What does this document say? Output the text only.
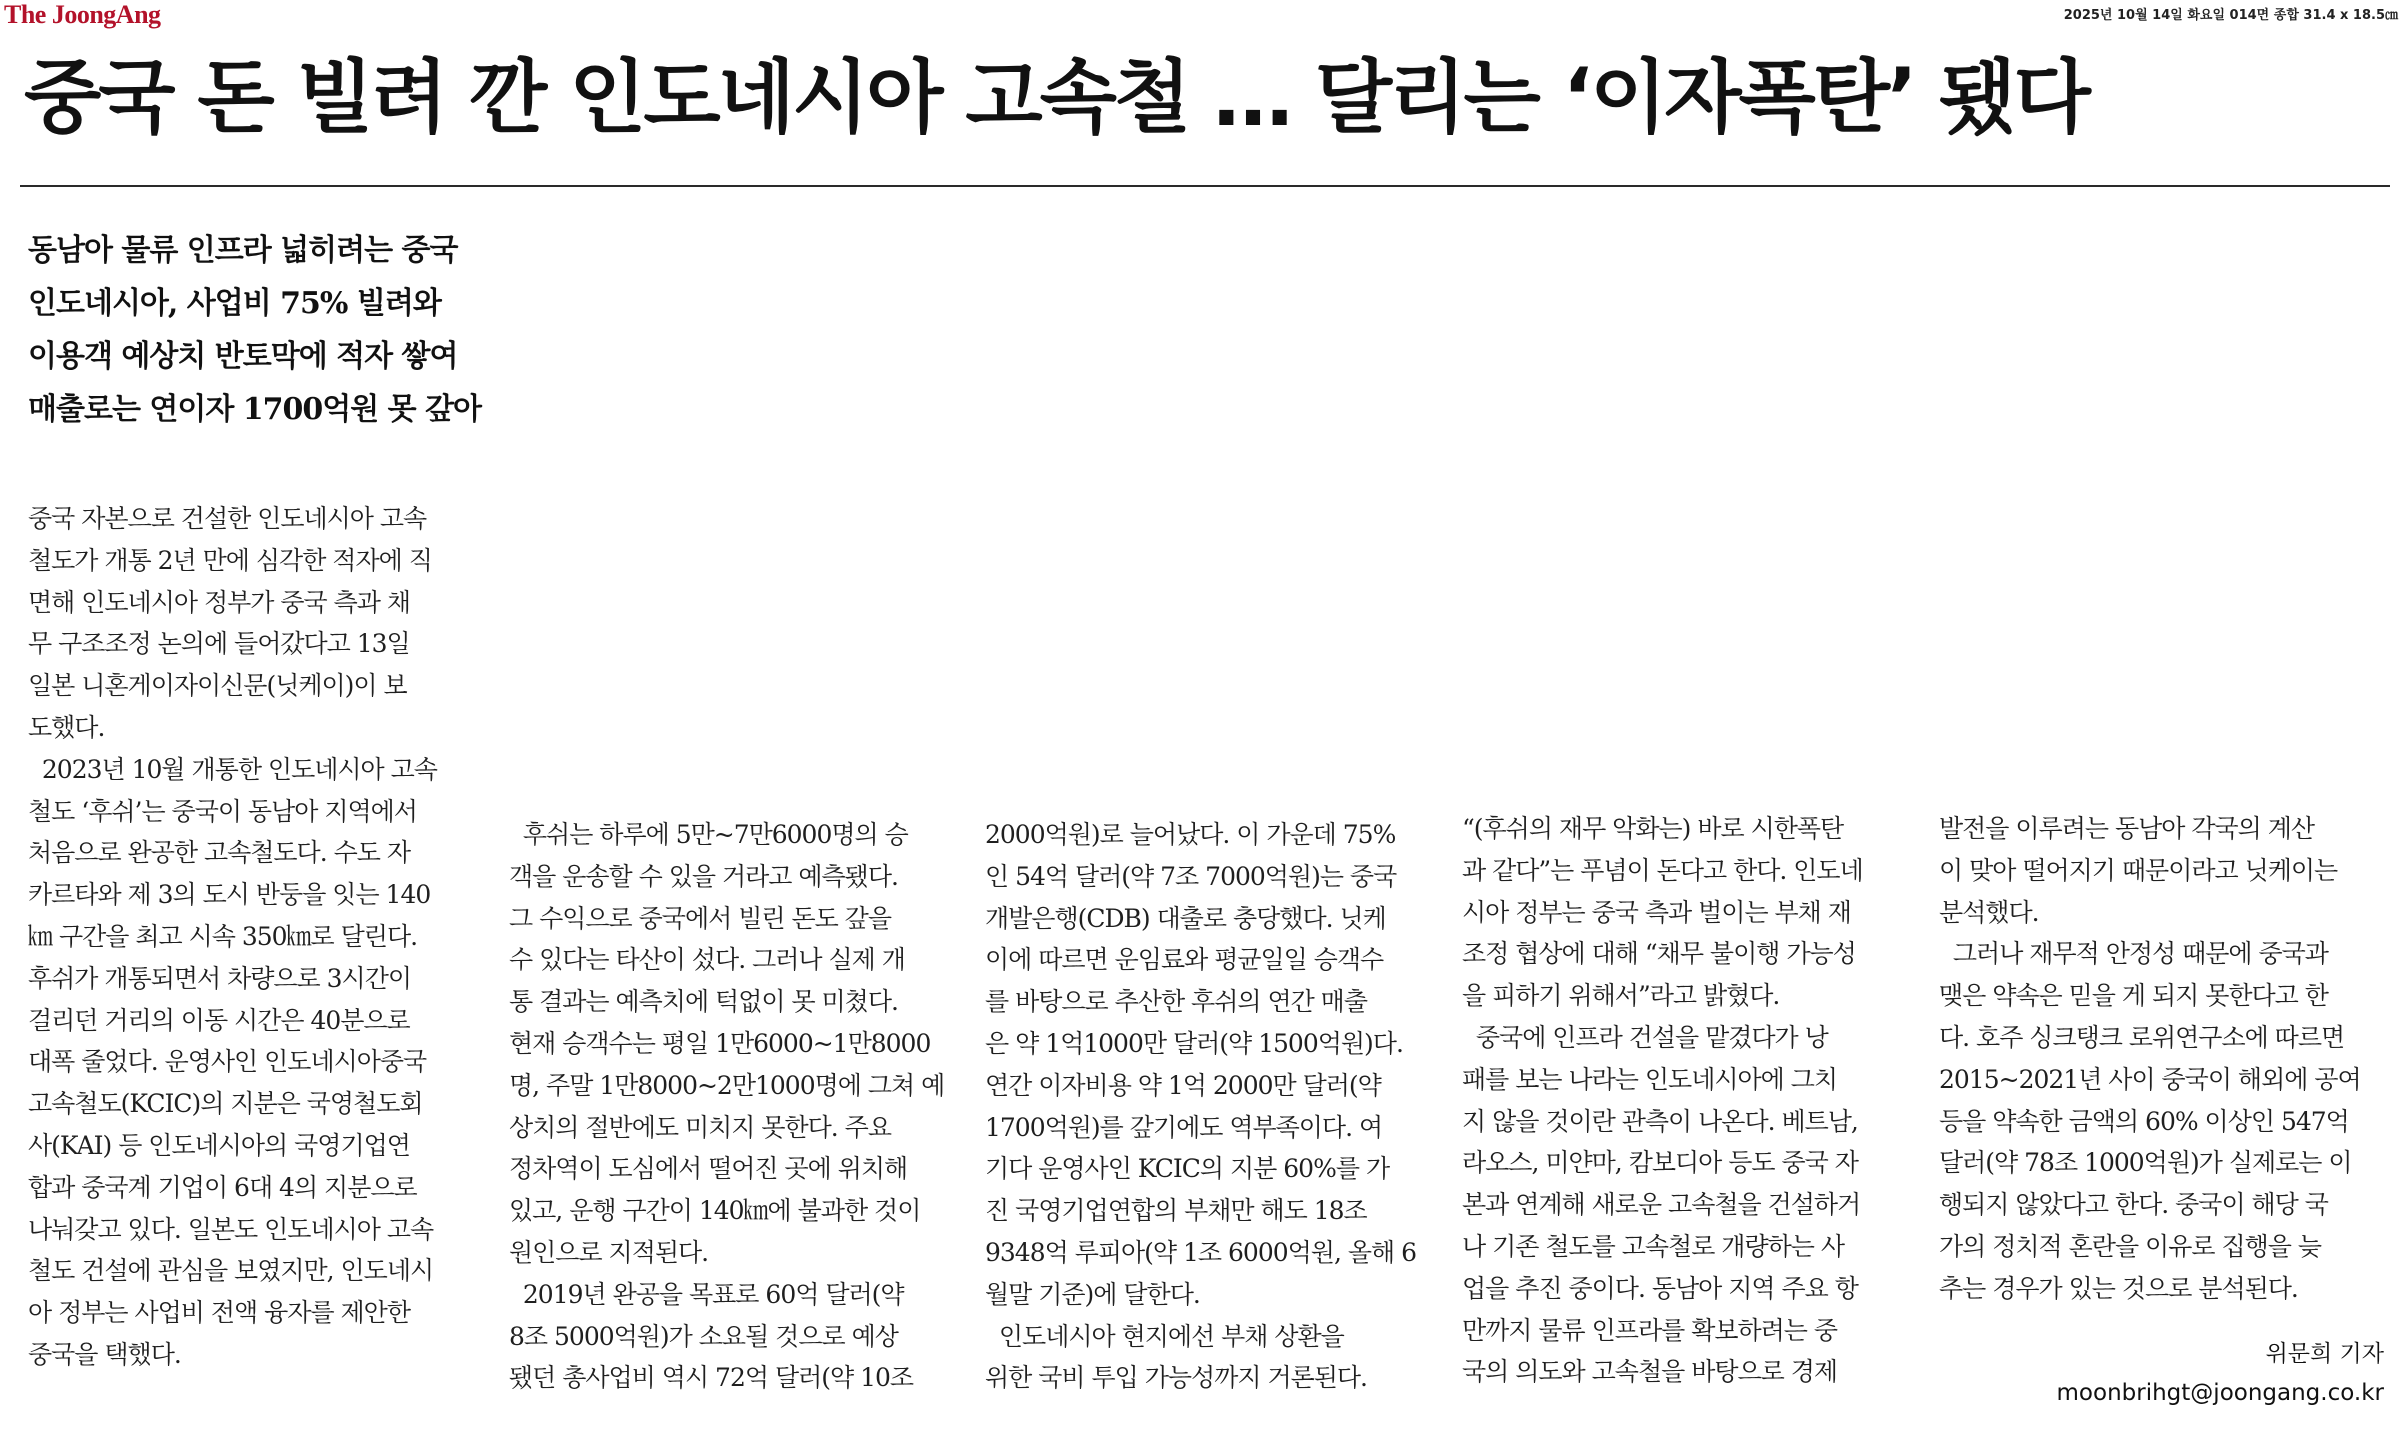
The JoongAng	2025년 10월 14일 화요일 014면 종합 31.4 x 18.5㎝
중국 돈 빌려 깐 인도네시아 고속철 … 달리는 ‘이자폭탄’ 됐다
동남아 물류 인프라 넓히려는 중국
인도네시아, 사업비 75% 빌려와
이용객 예상치 반토막에 적자 쌓여
매출로는 연이자 1700억원 못 갚아
중국 자본으로 건설한 인도네시아 고속
철도가 개통 2년 만에 심각한 적자에 직
면해 인도네시아 정부가 중국 측과 채
무 구조조정 논의에 들어갔다고 13일
일본 니혼게이자이신문(닛케이)이 보
도했다.
2023년 10월 개통한 인도네시아 고속
철도 ‘후쉬’는 중국이 동남아 지역에서
처음으로 완공한 고속철도다. 수도 자
카르타와 제 3의 도시 반둥을 잇는 140
㎞ 구간을 최고 시속 350㎞로 달린다.
후쉬가 개통되면서 차량으로 3시간이
걸리던 거리의 이동 시간은 40분으로
대폭 줄었다. 운영사인 인도네시아중국
고속철도(KCIC)의 지분은 국영철도회
사(KAI) 등 인도네시아의 국영기업연
합과 중국계 기업이 6대 4의 지분으로
나눠갖고 있다. 일본도 인도네시아 고속
철도 건설에 관심을 보였지만, 인도네시
아 정부는 사업비 전액 융자를 제안한
중국을 택했다.
후쉬는 하루에 5만~7만6000명의 승
객을 운송할 수 있을 거라고 예측됐다.
그 수익으로 중국에서 빌린 돈도 갚을
수 있다는 타산이 섰다. 그러나 실제 개
통 결과는 예측치에 턱없이 못 미쳤다.
현재 승객수는 평일 1만6000~1만8000
명, 주말 1만8000~2만1000명에 그쳐 예
상치의 절반에도 미치지 못한다. 주요
정차역이 도심에서 떨어진 곳에 위치해
있고, 운행 구간이 140㎞에 불과한 것이
원인으로 지적된다.
2019년 완공을 목표로 60억 달러(약
8조 5000억원)가 소요될 것으로 예상
됐던 총사업비 역시 72억 달러(약 10조
2000억원)로 늘어났다. 이 가운데 75%
인 54억 달러(약 7조 7000억원)는 중국
개발은행(CDB) 대출로 충당했다. 닛케
이에 따르면 운임료와 평균일일 승객수
를 바탕으로 추산한 후쉬의 연간 매출
은 약 1억1000만 달러(약 1500억원)다.
연간 이자비용 약 1억 2000만 달러(약
1700억원)를 갚기에도 역부족이다. 여
기다 운영사인 KCIC의 지분 60%를 가
진 국영기업연합의 부채만 해도 18조
9348억 루피아(약 1조 6000억원, 올해 6
월말 기준)에 달한다.
인도네시아 현지에선 부채 상환을
위한 국비 투입 가능성까지 거론된다.
“(후쉬의 재무 악화는) 바로 시한폭탄
과 같다”는 푸념이 돈다고 한다. 인도네
시아 정부는 중국 측과 벌이는 부채 재
조정 협상에 대해 “채무 불이행 가능성
을 피하기 위해서”라고 밝혔다.
중국에 인프라 건설을 맡겼다가 낭
패를 보는 나라는 인도네시아에 그치
지 않을 것이란 관측이 나온다. 베트남,
라오스, 미얀마, 캄보디아 등도 중국 자
본과 연계해 새로운 고속철을 건설하거
나 기존 철도를 고속철로 개량하는 사
업을 추진 중이다. 동남아 지역 주요 항
만까지 물류 인프라를 확보하려는 중
국의 의도와 고속철을 바탕으로 경제
발전을 이루려는 동남아 각국의 계산
이 맞아 떨어지기 때문이라고 닛케이는
분석했다.
그러나 재무적 안정성 때문에 중국과
맺은 약속은 믿을 게 되지 못한다고 한
다. 호주 싱크탱크 로위연구소에 따르면
2015~2021년 사이 중국이 해외에 공여
등을 약속한 금액의 60% 이상인 547억
달러(약 78조 1000억원)가 실제로는 이
행되지 않았다고 한다. 중국이 해당 국
가의 정치적 혼란을 이유로 집행을 늦
추는 경우가 있는 것으로 분석된다.
위문희 기자
moonbrihgt@joongang.co.kr
